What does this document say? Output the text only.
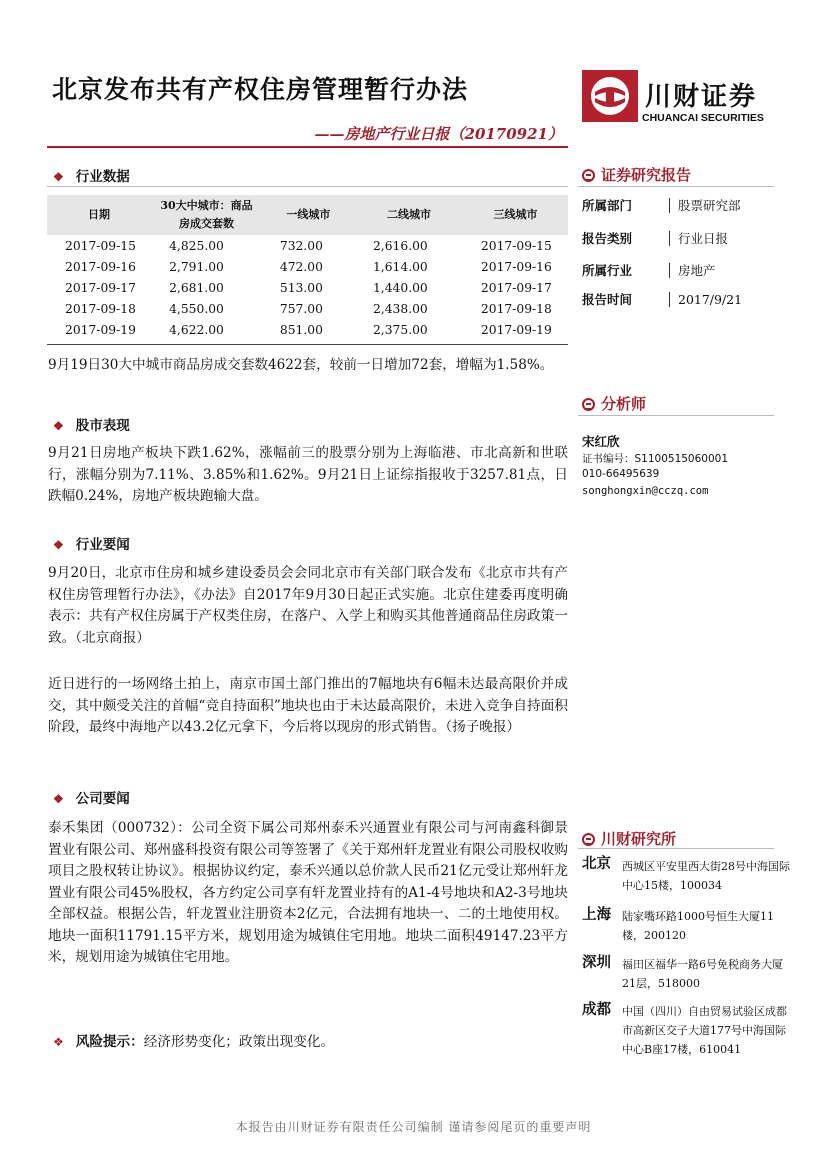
北京发布共有产权住房管理暂行办法
——房地产行业日报（20170921）
川财证券
CHUANCAI SECURITIES
❖ 行业数据
日期	30大中城市：商品房成交套数	一线城市	二线城市	三线城市
2017-09-15	4,825.00	732.00	2,616.00	2017-09-15
2017-09-16	2,791.00	472.00	1,614.00	2017-09-16
2017-09-17	2,681.00	513.00	1,440.00	2017-09-17
2017-09-18	4,550.00	757.00	2,438.00	2017-09-18
2017-09-19	4,622.00	851.00	2,375.00	2017-09-19
9月19日30大中城市商品房成交套数4622套，较前一日增加72套，增幅为1.58%。
❖ 股市表现
9月21日房地产板块下跌1.62%，涨幅前三的股票分别为上海临港、市北高新和世联行，涨幅分别为7.11%、3.85%和1.62%。9月21日上证综指报收于3257.81点，日跌幅0.24%，房地产板块跑输大盘。
❖ 行业要闻
9月20日，北京市住房和城乡建设委员会会同北京市有关部门联合发布《北京市共有产权住房管理暂行办法》，《办法》自2017年9月30日起正式实施。北京住建委再度明确表示：共有产权住房属于产权类住房，在落户、入学上和购买其他普通商品住房政策一致。（北京商报）
近日进行的一场网络土拍上，南京市国土部门推出的7幅地块有6幅未达最高限价并成交，其中颇受关注的首幅“竞自持面积”地块也由于未达最高限价，未进入竞争自持面积阶段，最终中海地产以43.2亿元拿下，今后将以现房的形式销售。（扬子晚报）
❖ 公司要闻
泰禾集团（000732）：公司全资下属公司郑州泰禾兴通置业有限公司与河南鑫科御景置业有限公司、郑州盛科投资有限公司等签署了《关于郑州轩龙置业有限公司股权收购项目之股权转让协议》。根据协议约定，泰禾兴通以总价款人民币21亿元受让郑州轩龙置业有限公司45%股权，各方约定公司享有轩龙置业持有的A1-4号地块和A2-3号地块全部权益。根据公告，轩龙置业注册资本2亿元，合法拥有地块一、二的土地使用权。地块一面积11791.15平方米，规划用途为城镇住宅用地。地块二面积49147.23平方米，规划用途为城镇住宅用地。
❖ 风险提示：经济形势变化；政策出现变化。
证券研究报告
所属部门	股票研究部
报告类别	行业日报
所属行业	房地产
报告时间	2017/9/21
分析师
宋红欣
证书编号：S1100515060001
010-66495639
songhongxin@cczq.com
川财研究所
北京 西城区平安里西大街28号中海国际中心15楼，100034
上海 陆家嘴环路1000号恒生大厦11楼，200120
深圳 福田区福华一路6号免税商务大厦21层，518000
成都 中国（四川）自由贸易试验区成都市高新区交子大道177号中海国际中心B座17楼，610041
本报告由川财证券有限责任公司编制 谨请参阅尾页的重要声明
